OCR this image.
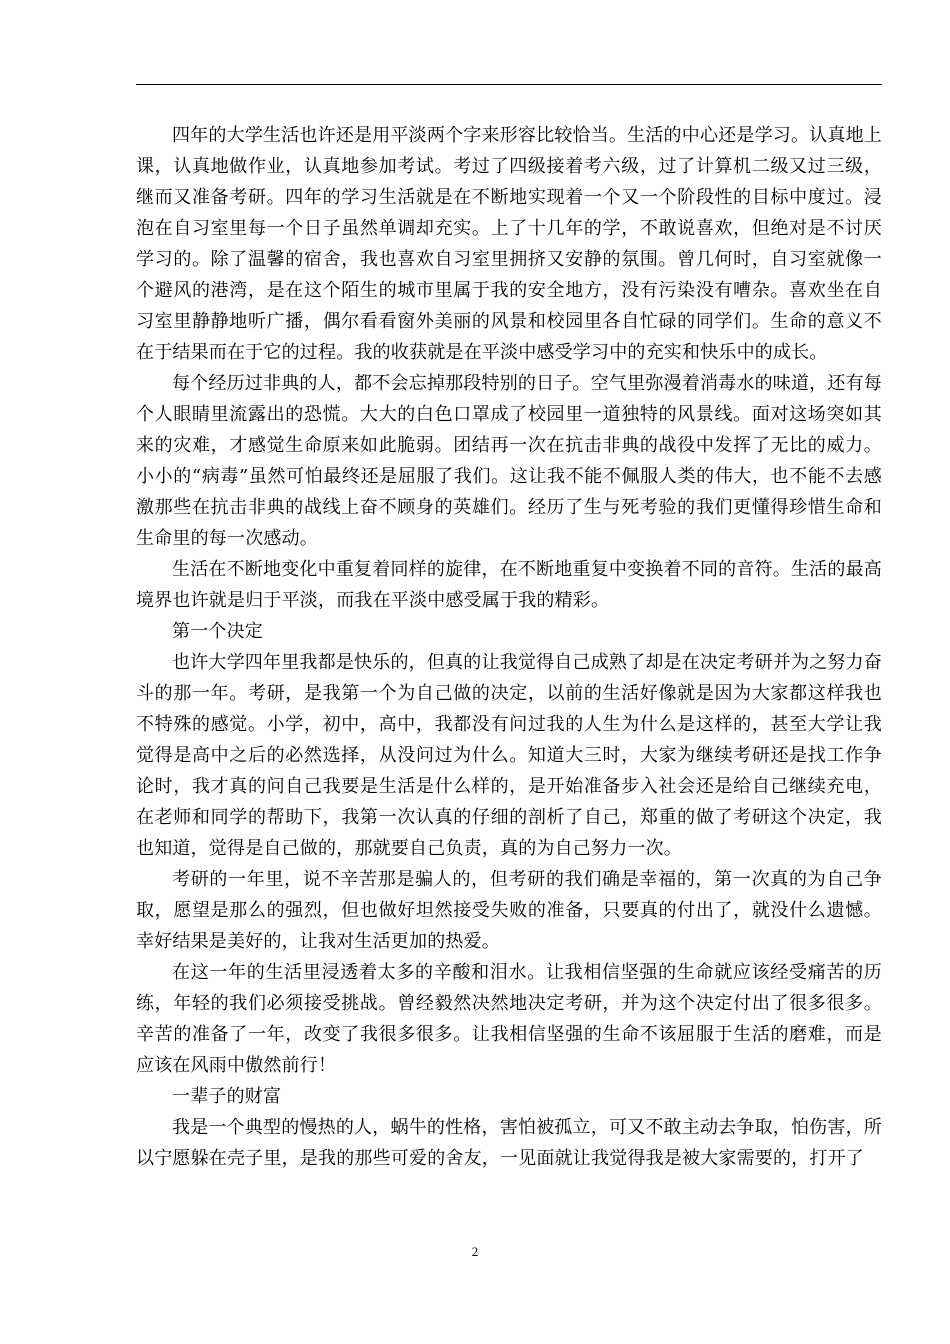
四年的大学生活也许还是用平淡两个字来形容比较恰当。生活的中心还是学习。认真地上课，认真地做作业，认真地参加考试。考过了四级接着考六级，过了计算机二级又过三级，继而又准备考研。四年的学习生活就是在不断地实现着一个又一个阶段性的目标中度过。浸泡在自习室里每一个日子虽然单调却充实。上了十几年的学，不敢说喜欢，但绝对是不讨厌学习的。除了温馨的宿舍，我也喜欢自习室里拥挤又安静的氛围。曾几何时，自习室就像一个避风的港湾，是在这个陌生的城市里属于我的安全地方，没有污染没有嘈杂。喜欢坐在自习室里静静地听广播，偶尔看看窗外美丽的风景和校园里各自忙碌的同学们。生命的意义不在于结果而在于它的过程。我的收获就是在平淡中感受学习中的充实和快乐中的成长。

每个经历过非典的人，都不会忘掉那段特别的日子。空气里弥漫着消毒水的味道，还有每个人眼睛里流露出的恐慌。大大的白色口罩成了校园里一道独特的风景线。面对这场突如其来的灾难，才感觉生命原来如此脆弱。团结再一次在抗击非典的战役中发挥了无比的威力。小小的“病毒”虽然可怕最终还是屈服了我们。这让我不能不佩服人类的伟大，也不能不去感激那些在抗击非典的战线上奋不顾身的英雄们。经历了生与死考验的我们更懂得珍惜生命和生命里的每一次感动。

生活在不断地变化中重复着同样的旋律，在不断地重复中变换着不同的音符。生活的最高境界也许就是归于平淡，而我在平淡中感受属于我的精彩。

第一个决定

也许大学四年里我都是快乐的，但真的让我觉得自己成熟了却是在决定考研并为之努力奋斗的那一年。考研，是我第一个为自己做的决定，以前的生活好像就是因为大家都这样我也不特殊的感觉。小学，初中，高中，我都没有问过我的人生为什么是这样的，甚至大学让我觉得是高中之后的必然选择，从没问过为什么。知道大三时，大家为继续考研还是找工作争论时，我才真的问自己我要是生活是什么样的，是开始准备步入社会还是给自己继续充电，在老师和同学的帮助下，我第一次认真的仔细的剖析了自己，郑重的做了考研这个决定，我也知道，觉得是自己做的，那就要自己负责，真的为自己努力一次。

考研的一年里，说不辛苦那是骗人的，但考研的我们确是幸福的，第一次真的为自己争取，愿望是那么的强烈，但也做好坦然接受失败的准备，只要真的付出了，就没什么遗憾。幸好结果是美好的，让我对生活更加的热爱。

在这一年的生活里浸透着太多的辛酸和泪水。让我相信坚强的生命就应该经受痛苦的历练，年轻的我们必须接受挑战。曾经毅然决然地决定考研，并为这个决定付出了很多很多。辛苦的准备了一年，改变了我很多很多。让我相信坚强的生命不该屈服于生活的磨难，而是应该在风雨中傲然前行！

一辈子的财富

我是一个典型的慢热的人，蜗牛的性格，害怕被孤立，可又不敢主动去争取，怕伤害，所以宁愿躲在壳子里，是我的那些可爱的舍友，一见面就让我觉得我是被大家需要的，打开了

2
